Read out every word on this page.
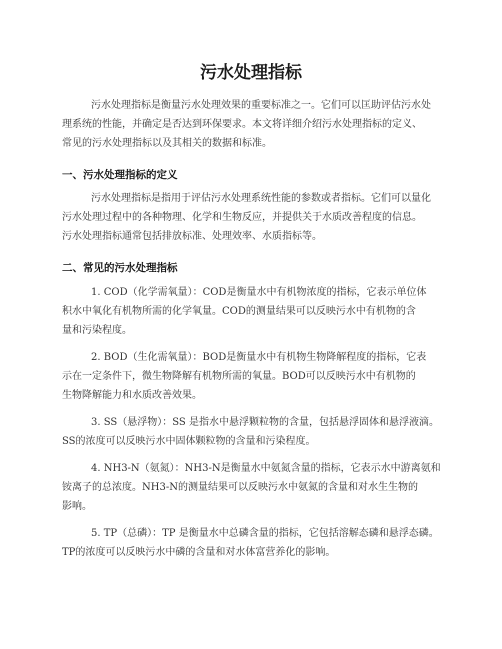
污水处理指标
污水处理指标是衡量污水处理效果的重要标准之一。它们可以匡助评估污水处
理系统的性能，并确定是否达到环保要求。本文将详细介绍污水处理指标的定义、
常见的污水处理指标以及其相关的数据和标准。
一、污水处理指标的定义
污水处理指标是指用于评估污水处理系统性能的参数或者指标。它们可以量化
污水处理过程中的各种物理、化学和生物反应，并提供关于水质改善程度的信息。
污水处理指标通常包括排放标准、处理效率、水质指标等。
二、常见的污水处理指标
1. COD（化学需氧量）：COD是衡量水中有机物浓度的指标，它表示单位体
积水中氧化有机物所需的化学氧量。COD的测量结果可以反映污水中有机物的含
量和污染程度。
2. BOD（生化需氧量）：BOD是衡量水中有机物生物降解程度的指标，它表
示在一定条件下，微生物降解有机物所需的氧量。BOD可以反映污水中有机物的
生物降解能力和水质改善效果。
3. SS（悬浮物）：SS 是指水中悬浮颗粒物的含量，包括悬浮固体和悬浮液滴。
SS的浓度可以反映污水中固体颗粒物的含量和污染程度。
4. NH3-N（氨氮）：NH3-N是衡量水中氨氮含量的指标，它表示水中游离氨和
铵离子的总浓度。NH3-N的测量结果可以反映污水中氨氮的含量和对水生生物的
影响。
5. TP（总磷）：TP 是衡量水中总磷含量的指标，它包括溶解态磷和悬浮态磷。
TP的浓度可以反映污水中磷的含量和对水体富营养化的影响。
